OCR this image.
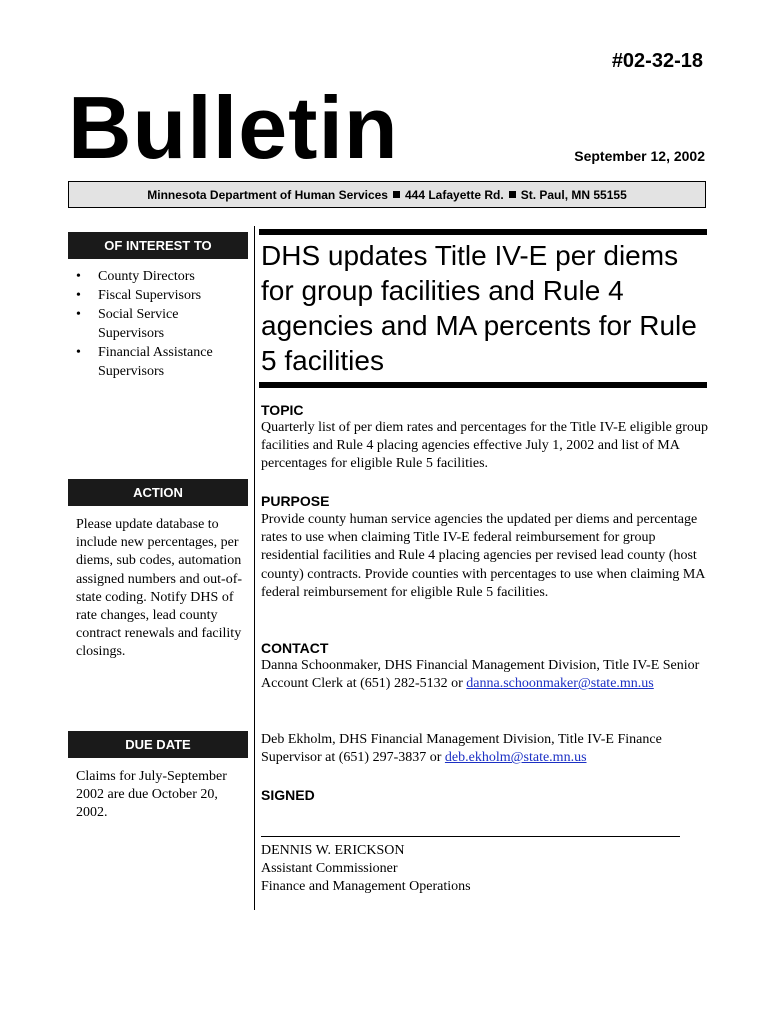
#02-32-18
Bulletin	September 12, 2002
Minnesota Department of Human Services 444 Lafayette Rd. St. Paul, MN 55155
OF INTEREST TO
• County Directors
• Fiscal Supervisors
• Social Service Supervisors
• Financial Assistance Supervisors
ACTION
Please update database to include new percentages, per diems, sub codes, automation assigned numbers and out-of-state coding. Notify DHS of rate changes, lead county contract renewals and facility closings.
DUE DATE
Claims for July-September 2002 are due October 20, 2002.
DHS updates Title IV-E per diems for group facilities and Rule 4 agencies and MA percents for Rule 5 facilities
TOPIC
Quarterly list of per diem rates and percentages for the Title IV-E eligible group facilities and Rule 4 placing agencies effective July 1, 2002 and list of MA percentages for eligible Rule 5 facilities.
PURPOSE
Provide county human service agencies the updated per diems and percentage rates to use when claiming Title IV-E federal reimbursement for group residential facilities and Rule 4 placing agencies per revised lead county (host county) contracts. Provide counties with percentages to use when claiming MA federal reimbursement for eligible Rule 5 facilities.
CONTACT
Danna Schoonmaker, DHS Financial Management Division, Title IV-E Senior Account Clerk at (651) 282-5132 or danna.schoonmaker@state.mn.us
Deb Ekholm, DHS Financial Management Division, Title IV-E Finance Supervisor at (651) 297-3837 or deb.ekholm@state.mn.us
SIGNED
DENNIS W. ERICKSON
Assistant Commissioner
Finance and Management Operations
